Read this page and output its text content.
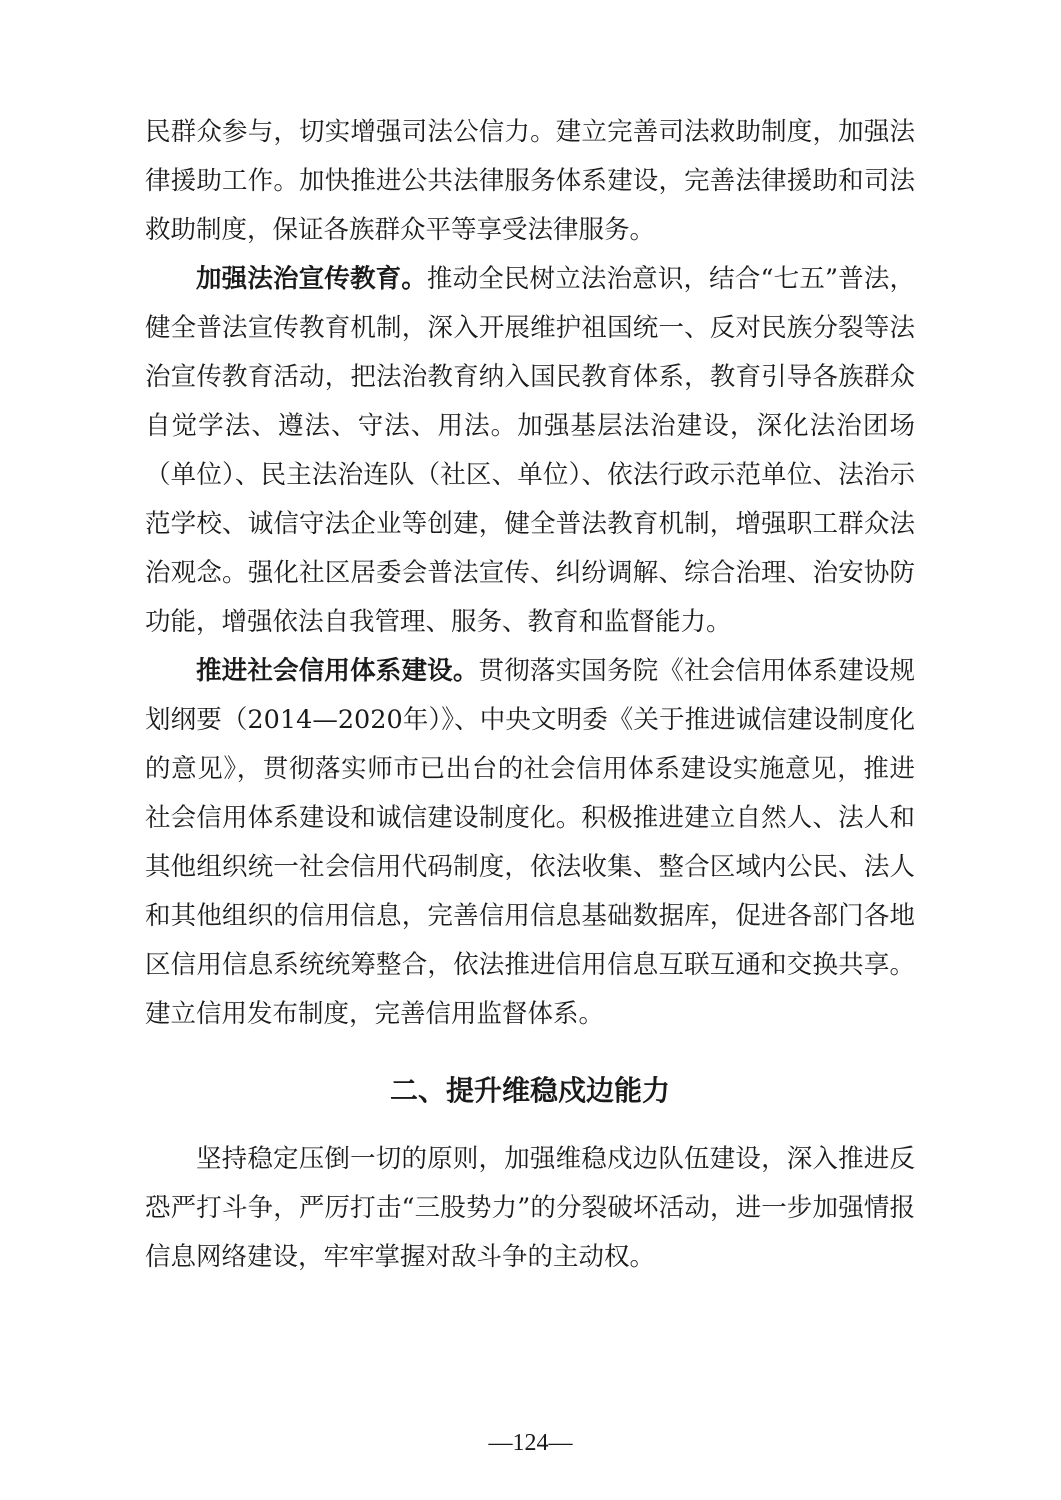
民群众参与，切实增强司法公信力。建立完善司法救助制度，加强法律援助工作。加快推进公共法律服务体系建设，完善法律援助和司法救助制度，保证各族群众平等享受法律服务。

加强法治宣传教育。推动全民树立法治意识，结合“七五”普法，健全普法宣传教育机制，深入开展维护祖国统一、反对民族分裂等法治宣传教育活动，把法治教育纳入国民教育体系，教育引导各族群众自觉学法、遵法、守法、用法。加强基层法治建设，深化法治团场（单位）、民主法治连队（社区、单位）、依法行政示范单位、法治示范学校、诚信守法企业等创建，健全普法教育机制，增强职工群众法治观念。强化社区居委会普法宣传、纠纷调解、综合治理、治安协防功能，增强依法自我管理、服务、教育和监督能力。

推进社会信用体系建设。贯彻落实国务院《社会信用体系建设规划纲要（2014—2020年）》、中央文明委《关于推进诚信建设制度化的意见》，贯彻落实师市已出台的社会信用体系建设实施意见，推进社会信用体系建设和诚信建设制度化。积极推进建立自然人、法人和其他组织统一社会信用代码制度，依法收集、整合区域内公民、法人和其他组织的信用信息，完善信用信息基础数据库，促进各部门各地区信用信息系统统筹整合，依法推进信用信息互联互通和交换共享。建立信用发布制度，完善信用监督体系。

二、提升维稳戍边能力

坚持稳定压倒一切的原则，加强维稳戍边队伍建设，深入推进反恐严打斗争，严厉打击“三股势力”的分裂破坏活动，进一步加强情报信息网络建设，牢牢掌握对敌斗争的主动权。

—124—
